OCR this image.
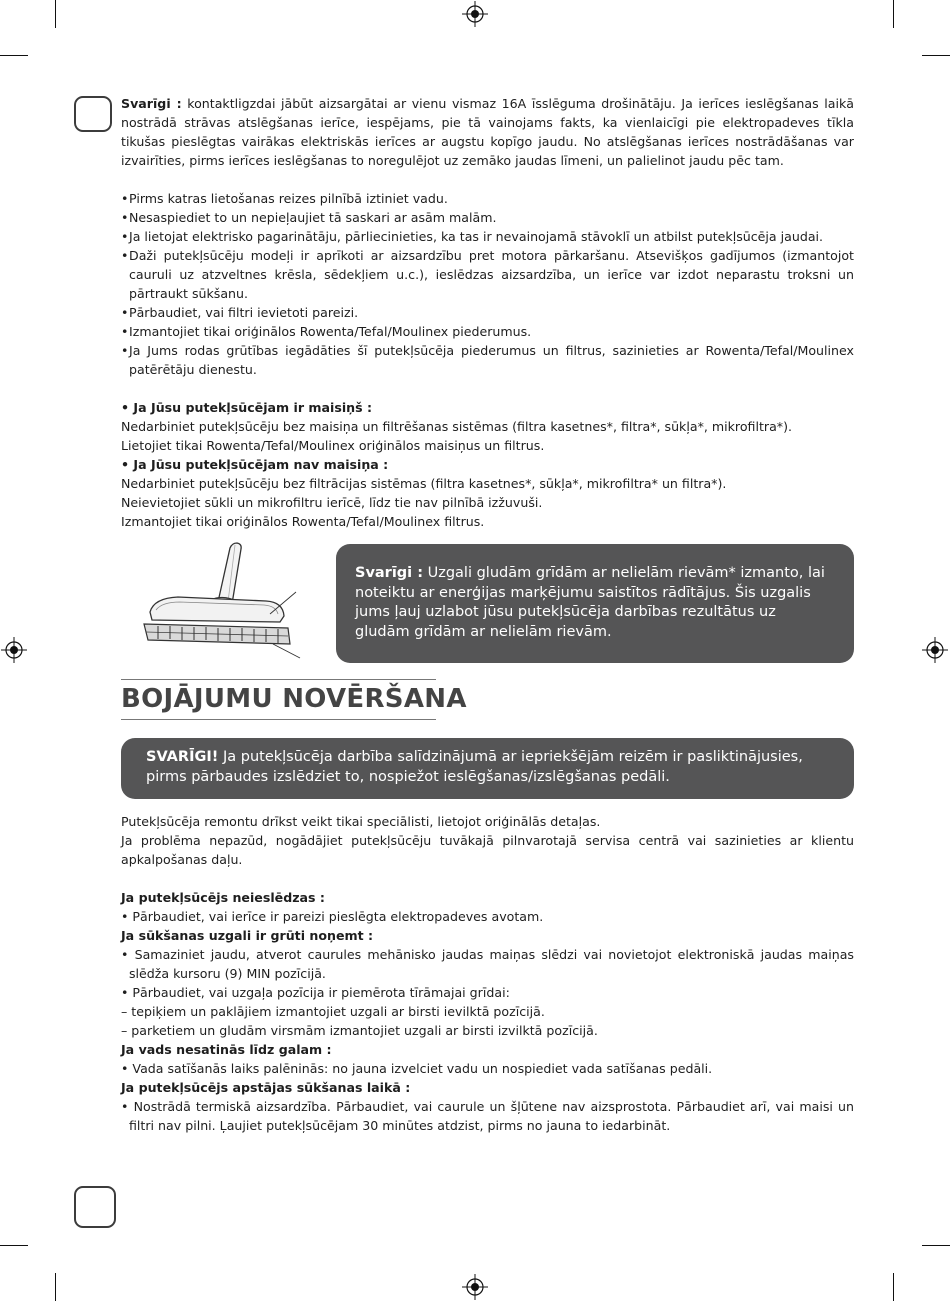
Svarīgi : kontaktligzdai jābūt aizsargātai ar vienu vismaz 16A īsslēguma drošinātāju. Ja ierīces ieslēgšanas laikā nostrādā strāvas atslēgšanas ierīce, iespējams, pie tā vainojams fakts, ka vienlaicīgi pie elektropadeves tīkla tikušas pieslēgtas vairākas elektriskās ierīces ar augstu kopīgo jaudu. No atslēgšanas ierīces nostrādāšanas var izvairīties, pirms ierīces ieslēgšanas to noregulējot uz zemāko jaudas līmeni, un palielinot jaudu pēc tam.

• Pirms katras lietošanas reizes pilnībā iztiniet vadu.
• Nesaspiediet to un nepieļaujiet tā saskari ar asām malām.
• Ja lietojat elektrisko pagarinātāju, pārliecinieties, ka tas ir nevainojamā stāvoklī un atbilst putekļsūcēja jaudai.
• Daži putekļsūcēju modeļi ir aprīkoti ar aizsardzību pret motora pārkaršanu. Atsevišķos gadījumos (izmantojot cauruli uz atzveltnes krēsla, sēdekļiem u.c.), ieslēdzas aizsardzība, un ierīce var izdot neparastu troksni un pārtraukt sūkšanu.
• Pārbaudiet, vai filtri ievietoti pareizi.
• Izmantojiet tikai oriģinālos Rowenta/Tefal/Moulinex piederumus.
• Ja Jums rodas grūtības iegādāties šī putekļsūcēja piederumus un filtrus, sazinieties ar Rowenta/Tefal/Moulinex patērētāju dienestu.

• Ja Jūsu putekļsūcējam ir maisiņš :

Nedarbiniet putekļsūcēju bez maisiņa un filtrēšanas sistēmas (filtra kasetnes*, filtra*, sūkļa*, mikrofiltra*).

Lietojiet tikai Rowenta/Tefal/Moulinex oriģinālos maisiņus un filtrus.

• Ja Jūsu putekļsūcējam nav maisiņa :

Nedarbiniet putekļsūcēju bez filtrācijas sistēmas (filtra kasetnes*, sūkļa*, mikrofiltra* un filtra*).

Neievietojiet sūkli un mikrofiltru ierīcē, līdz tie nav pilnībā izžuvuši.

Izmantojiet tikai oriģinālos Rowenta/Tefal/Moulinex filtrus.

Svarīgi : Uzgali gludām grīdām ar nelielām rievām* izmanto, lai noteiktu ar enerģijas marķējumu saistītos rādītājus. Šis uzgalis jums ļauj uzlabot jūsu putekļsūcēja darbības rezultātus uz gludām grīdām ar nelielām rievām.

BOJĀJUMU NOVĒRŠANA

SVARĪGI! Ja putekļsūcēja darbība salīdzinājumā ar iepriekšējām reizēm ir pasliktinājusies, pirms pārbaudes izslēdziet to, nospiežot ieslēgšanas/izslēgšanas pedāli.

Putekļsūcēja remontu drīkst veikt tikai speciālisti, lietojot oriģinālās detaļas.

Ja problēma nepazūd, nogādājiet putekļsūcēju tuvākajā pilnvarotajā servisa centrā vai sazinieties ar klientu apkalpošanas daļu.

Ja putekļsūcējs neieslēdzas :

• Pārbaudiet, vai ierīce ir pareizi pieslēgta elektropadeves avotam.

Ja sūkšanas uzgali ir grūti noņemt :

• Samaziniet jaudu, atverot caurules mehānisko jaudas maiņas slēdzi vai novietojot elektroniskā jaudas maiņas slēdža kursoru (9) MIN pozīcijā.

• Pārbaudiet, vai uzgaļa pozīcija ir piemērota tīrāmajai grīdai:

– tepiķiem un paklājiem izmantojiet uzgali ar birsti ievilktā pozīcijā.

– parketiem un gludām virsmām izmantojiet uzgali ar birsti izvilktā pozīcijā.

Ja vads nesatinās līdz galam :

• Vada satīšanās laiks palēninās: no jauna izvelciet vadu un nospiediet vada satīšanas pedāli.

Ja putekļsūcējs apstājas sūkšanas laikā :

• Nostrādā termiskā aizsardzība. Pārbaudiet, vai caurule un šļūtene nav aizsprostota. Pārbaudiet arī, vai maisi un filtri nav pilni. Ļaujiet putekļsūcējam 30 minūtes atdzist, pirms no jauna to iedarbināt.
